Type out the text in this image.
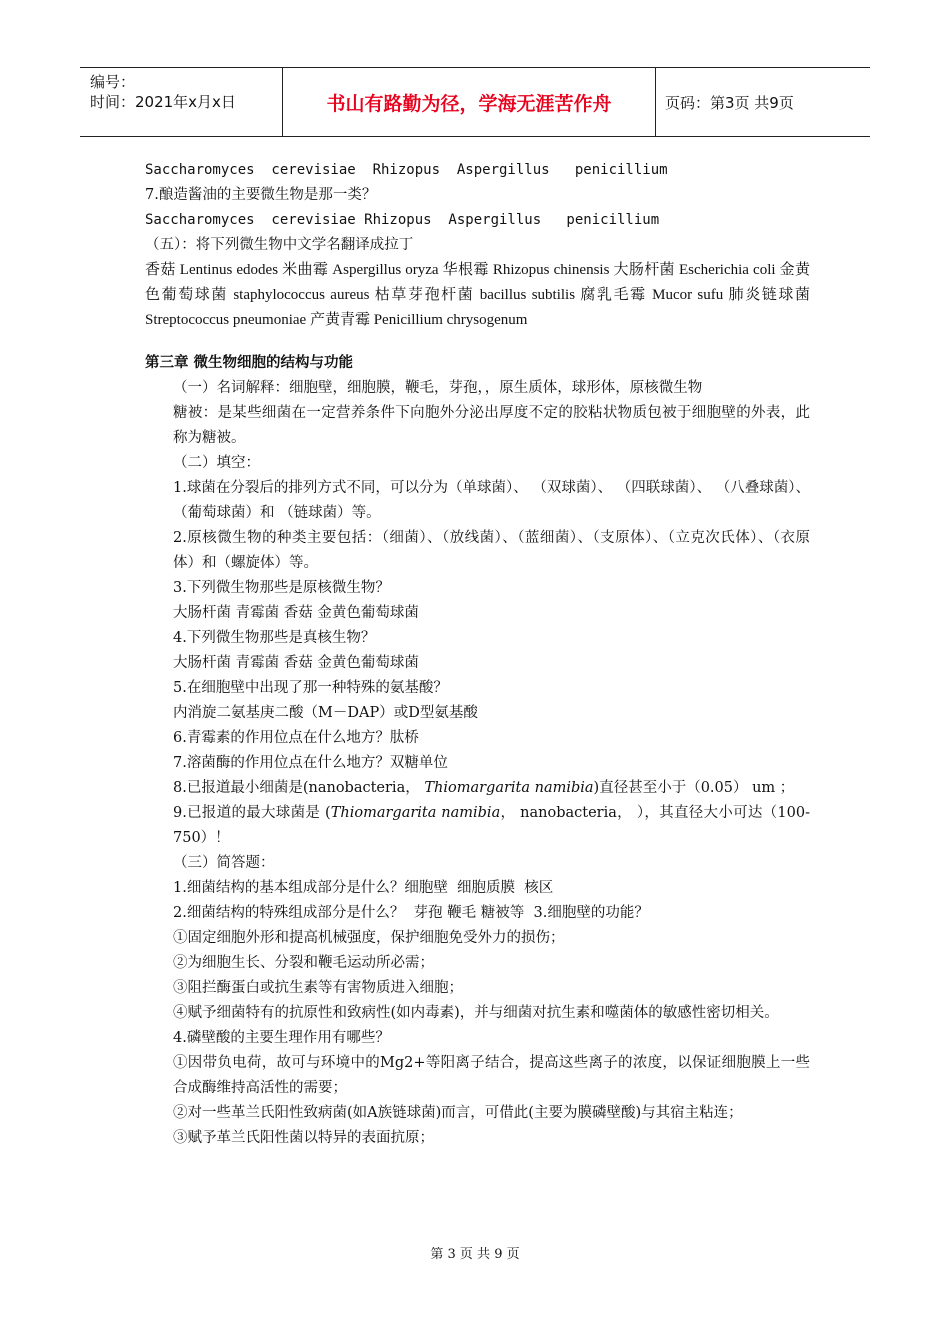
编号：
时间：2021年x月x日	书山有路勤为径，学海无涯苦作舟	页码：第3页 共9页
Saccharomyces  cerevisiae  Rhizopus  Aspergillus   penicillium
7.酿造酱油的主要微生物是那一类？
Saccharomyces  cerevisiae Rhizopus  Aspergillus   penicillium
（五）：将下列微生物中文学名翻译成拉丁
香菇 Lentinus edodes 米曲霉 Aspergillus oryza 华根霉 Rhizopus chinensis 大肠杆菌 Escherichia coli 金黄色葡萄球菌 staphylococcus aureus 枯草芽孢杆菌 bacillus subtilis 腐乳毛霉 Mucor sufu 肺炎链球菌 Streptococcus pneumoniae 产黄青霉 Penicillium chrysogenum
第三章 微生物细胞的结构与功能
（一）名词解释：细胞壁，细胞膜，鞭毛，芽孢，，原生质体，球形体，原核微生物
糖被：是某些细菌在一定营养条件下向胞外分泌出厚度不定的胶粘状物质包被于细胞壁的外表，此称为糖被。
（二）填空：
1.球菌在分裂后的排列方式不同，可以分为（单球菌）、 （双球菌）、 （四联球菌）、 （八叠球菌）、 （葡萄球菌）和 （链球菌）等。
2.原核微生物的种类主要包括：（细菌）、（放线菌）、（蓝细菌）、（支原体）、（立克次氏体）、（衣原体）和（螺旋体）等。
3.下列微生物那些是原核微生物？
大肠杆菌 青霉菌 香菇 金黄色葡萄球菌
4.下列微生物那些是真核生物？
大肠杆菌 青霉菌 香菇 金黄色葡萄球菌
5.在细胞壁中出现了那一种特殊的氨基酸？
内消旋二氨基庚二酸（M－DAP）或D型氨基酸
6.青霉素的作用位点在什么地方？肽桥
7.溶菌酶的作用位点在什么地方？双糖单位
8.已报道最小细菌是(nanobacteria， Thiomargarita namibia)直径甚至小于（0.05） um ；
9.已报道的最大球菌是 (Thiomargarita namibia， nanobacteria， ），其直径大小可达（100-750）！
（三）简答题：
1.细菌结构的基本组成部分是什么？细胞壁  细胞质膜  核区
2.细菌结构的特殊组成部分是什么？  芽孢 鞭毛 糖被等  3.细胞壁的功能？
①固定细胞外形和提高机械强度，保护细胞免受外力的损伤；
②为细胞生长、分裂和鞭毛运动所必需；
③阻拦酶蛋白或抗生素等有害物质进入细胞；
④赋予细菌特有的抗原性和致病性(如内毒素)，并与细菌对抗生素和噬菌体的敏感性密切相关。
4.磷壁酸的主要生理作用有哪些？
①因带负电荷，故可与环境中的Mg2+等阳离子结合，提高这些离子的浓度，以保证细胞膜上一些合成酶维持高活性的需要；
②对一些革兰氏阳性致病菌(如A族链球菌)而言，可借此(主要为膜磷壁酸)与其宿主粘连；
③赋予革兰氏阳性菌以特异的表面抗原；
第 3 页 共 9 页
